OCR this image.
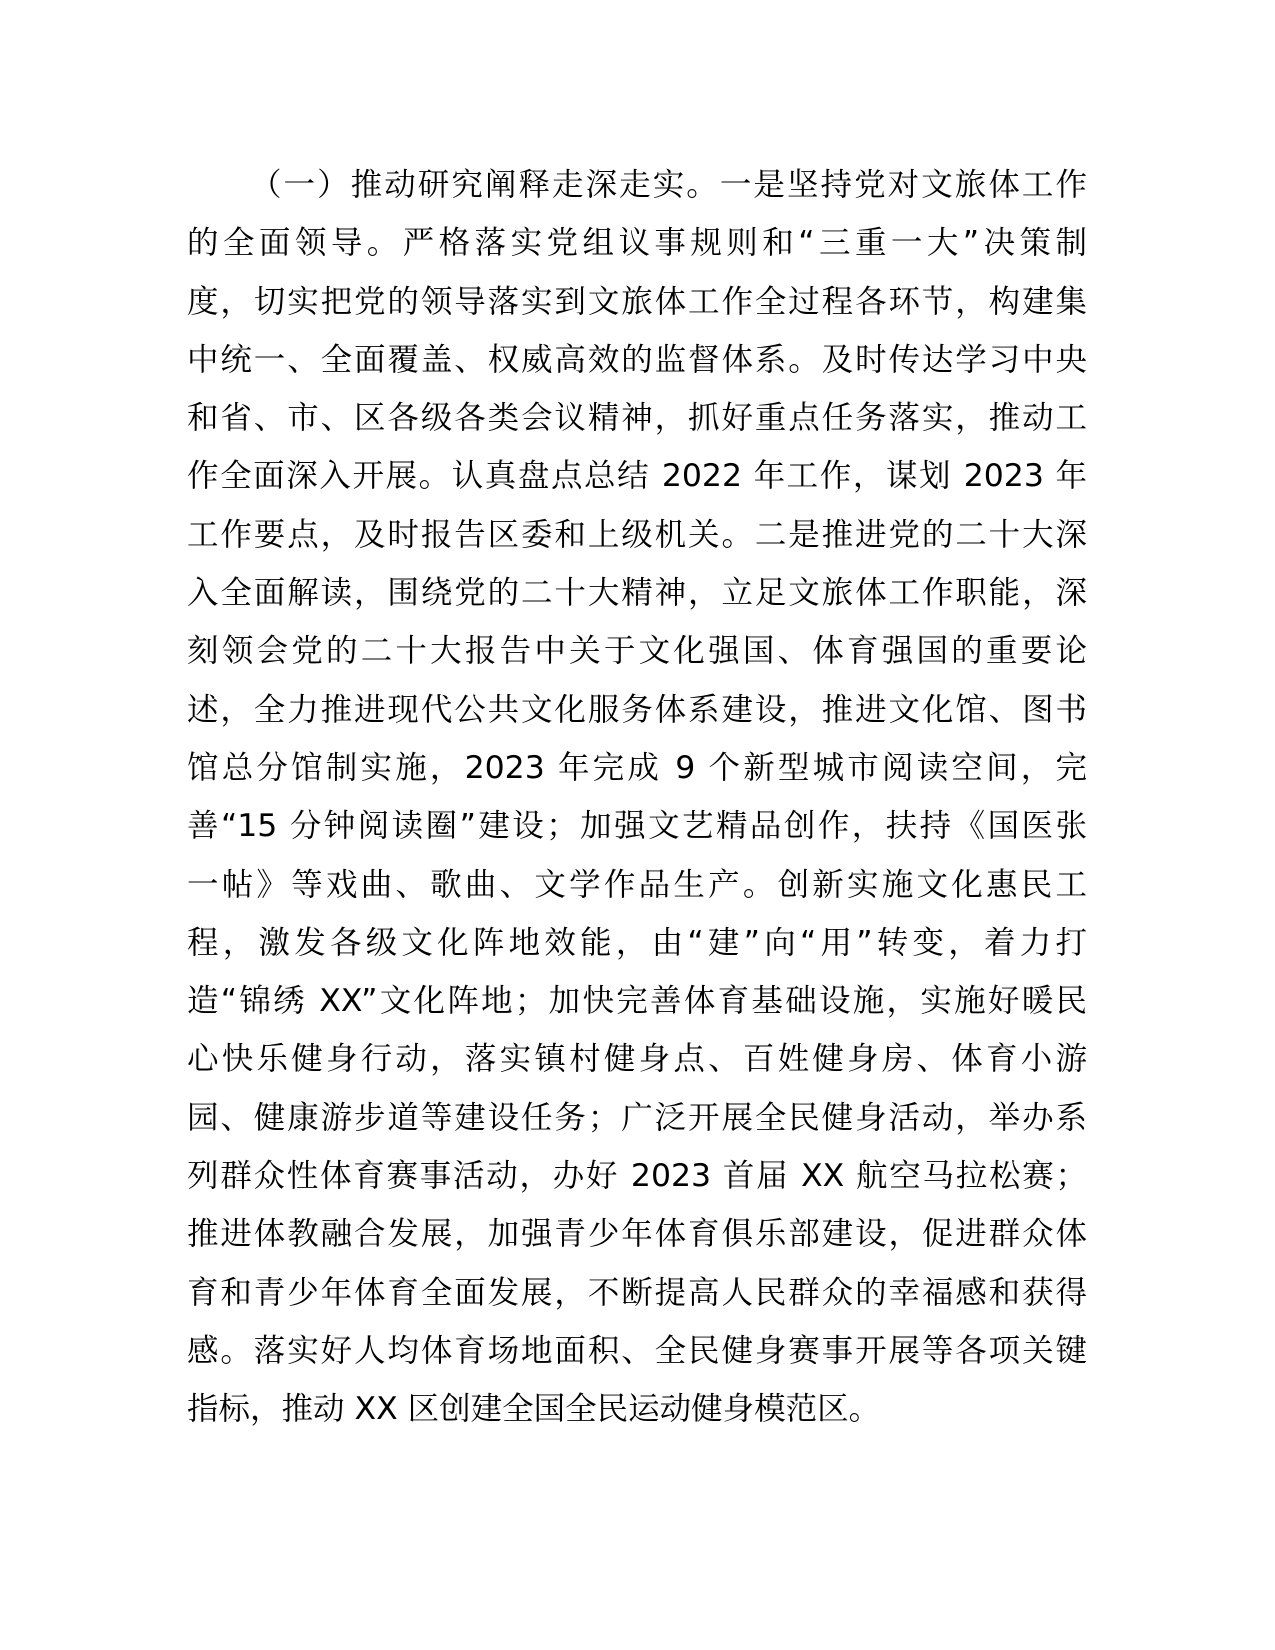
（一）推动研究阐释走深走实。一是坚持党对文旅体工作
的全面领导。严格落实党组议事规则和“三重一大”决策制
度，切实把党的领导落实到文旅体工作全过程各环节，构建集
中统一、全面覆盖、权威高效的监督体系。及时传达学习中央
和省、市、区各级各类会议精神，抓好重点任务落实，推动工
作全面深入开展。认真盘点总结 2022 年工作，谋划 2023 年
工作要点，及时报告区委和上级机关。二是推进党的二十大深
入全面解读，围绕党的二十大精神，立足文旅体工作职能，深
刻领会党的二十大报告中关于文化强国、体育强国的重要论
述，全力推进现代公共文化服务体系建设，推进文化馆、图书
馆总分馆制实施，2023 年完成 9 个新型城市阅读空间，完
善“15 分钟阅读圈”建设；加强文艺精品创作，扶持《国医张
一帖》等戏曲、歌曲、文学作品生产。创新实施文化惠民工
程，激发各级文化阵地效能，由“建”向“用”转变，着力打
造“锦绣 XX”文化阵地；加快完善体育基础设施，实施好暖民
心快乐健身行动，落实镇村健身点、百姓健身房、体育小游
园、健康游步道等建设任务；广泛开展全民健身活动，举办系
列群众性体育赛事活动，办好 2023 首届 XX 航空马拉松赛；
推进体教融合发展，加强青少年体育俱乐部建设，促进群众体
育和青少年体育全面发展，不断提高人民群众的幸福感和获得
感。落实好人均体育场地面积、全民健身赛事开展等各项关键
指标，推动 XX 区创建全国全民运动健身模范区。
